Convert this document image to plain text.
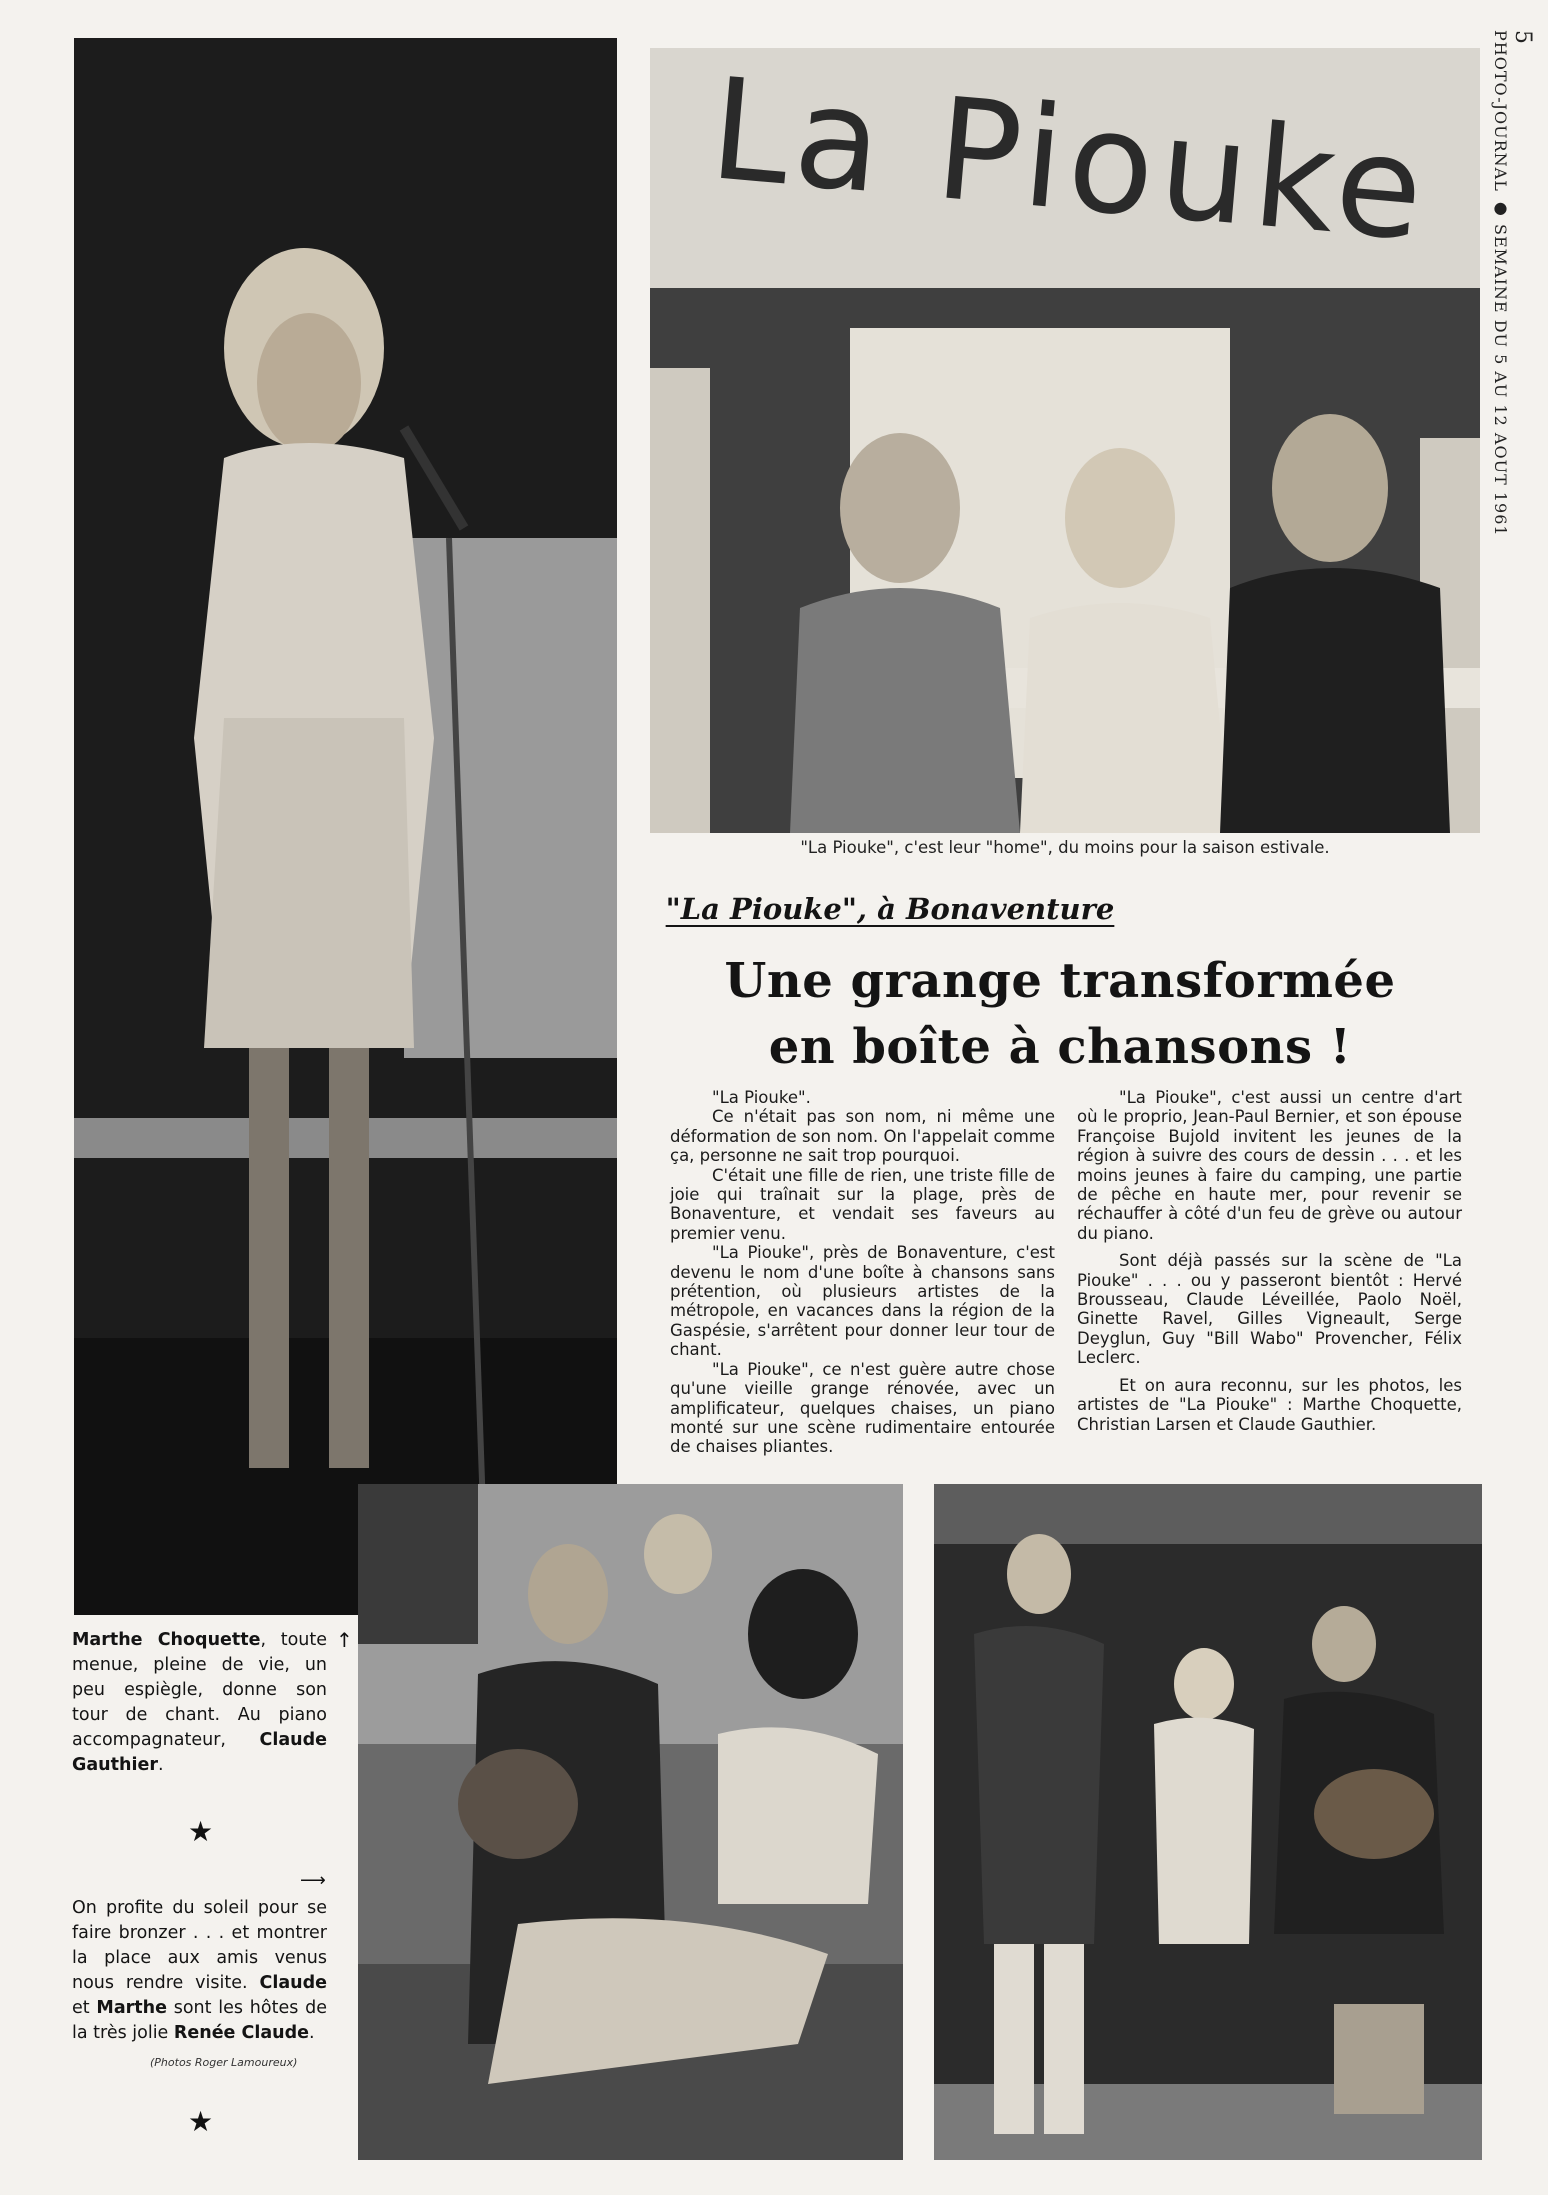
5
PHOTO-JOURNAL ● SEMAINE DU 5 AU 12 AOUT 1961
La Piouke
"La Piouke", c'est leur "home", du moins pour la saison estivale.
"La Piouke", à Bonaventure
Une grange transformée
en boîte à chansons !

"La Piouke".

Ce n'était pas son nom, ni même une déformation de son nom. On l'appelait comme ça, personne ne sait trop pourquoi.

C'était une fille de rien, une triste fille de joie qui traînait sur la plage, près de Bonaventure, et vendait ses faveurs au premier venu.

"La Piouke", près de Bonaventure, c'est devenu le nom d'une boîte à chansons sans prétention, où plusieurs artistes de la métropole, en vacances dans la région de la Gaspésie, s'arrêtent pour donner leur tour de chant.

"La Piouke", ce n'est guère autre chose qu'une vieille grange rénovée, avec un amplificateur, quelques chaises, un piano monté sur une scène rudimentaire entourée de chaises pliantes.

"La Piouke", c'est aussi un centre d'art où le proprio, Jean-Paul Bernier, et son épouse Françoise Bujold invitent les jeunes de la région à suivre des cours de dessin . . . et les moins jeunes à faire du camping, une partie de pêche en haute mer, pour revenir se réchauffer à côté d'un feu de grève ou autour du piano.

Sont déjà passés sur la scène de "La Piouke" . . . ou y passeront bientôt : Hervé Brousseau, Claude Léveillée, Paolo Noël, Ginette Ravel, Gilles Vigneault, Serge Deyglun, Guy "Bill Wabo" Provencher, Félix Leclerc.

Et on aura reconnu, sur les photos, les artistes de "La Piouke" : Marthe Choquette, Christian Larsen et Claude Gauthier.

↑
Marthe Choquette, toute menue, pleine de vie, un peu espiègle, donne son tour de chant. Au piano accompagnateur, Claude Gauthier.
★
⟶
On profite du soleil pour se faire bronzer . . . et montrer la place aux amis venus nous rendre visite. Claude et Marthe sont les hôtes de la très jolie Renée Claude.
(Photos Roger Lamoureux)
★
